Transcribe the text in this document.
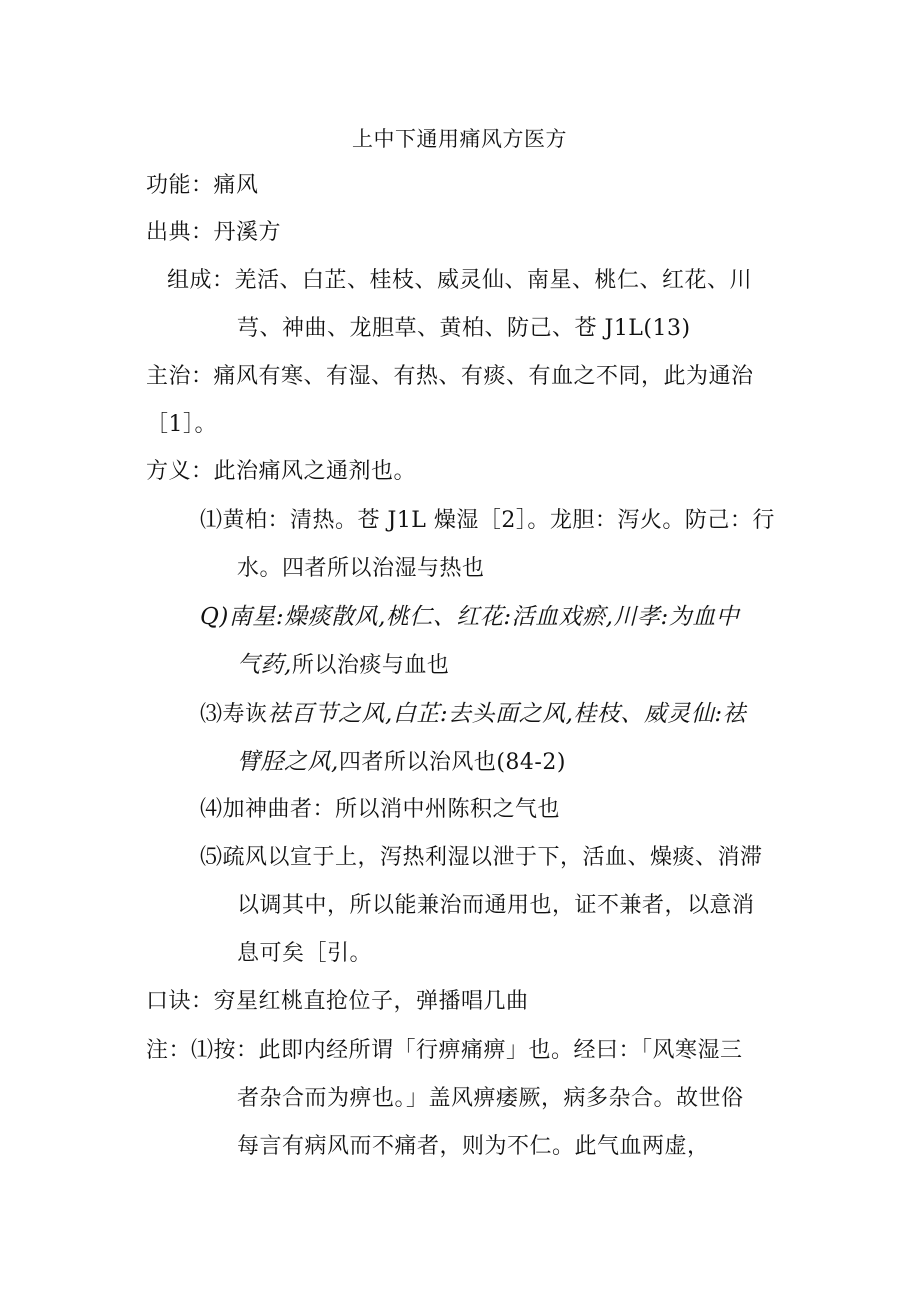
上中下通用痛风方医方
功能：痛风
出典：丹溪方
组成：羌活、白芷、桂枝、威灵仙、南星、桃仁、红花、川
芎、神曲、龙胆草、黄柏、防己、苍 J1L(13)
主治：痛风有寒、有湿、有热、有痰、有血之不同，此为通治
［1］。
方义：此治痛风之通剂也。
⑴黄柏：清热。苍 J1L 燥湿［2］。龙胆：泻火。防己：行
水。四者所以治湿与热也
Q)南星:燥痰散风,桃仁、红花:活血戏瘀,川孝:为血中
气药,所以治痰与血也
⑶寿诙祛百节之风,白芷:去头面之风,桂枝、威灵仙:祛
臂胫之风,四者所以治风也(84-2)
⑷加神曲者：所以消中州陈积之气也
⑸疏风以宣于上，泻热利湿以泄于下，活血、燥痰、消滞
以调其中，所以能兼治而通用也，证不兼者，以意消
息可矣［引。
口诀：穷星红桃直抢位子，弹播唱几曲
注：⑴按：此即内经所谓「行痹痛痹」也。经曰：「风寒湿三
者杂合而为痹也。」盖风痹痿厥，病多杂合。故世俗
每言有病风而不痛者，则为不仁。此气血两虚，
